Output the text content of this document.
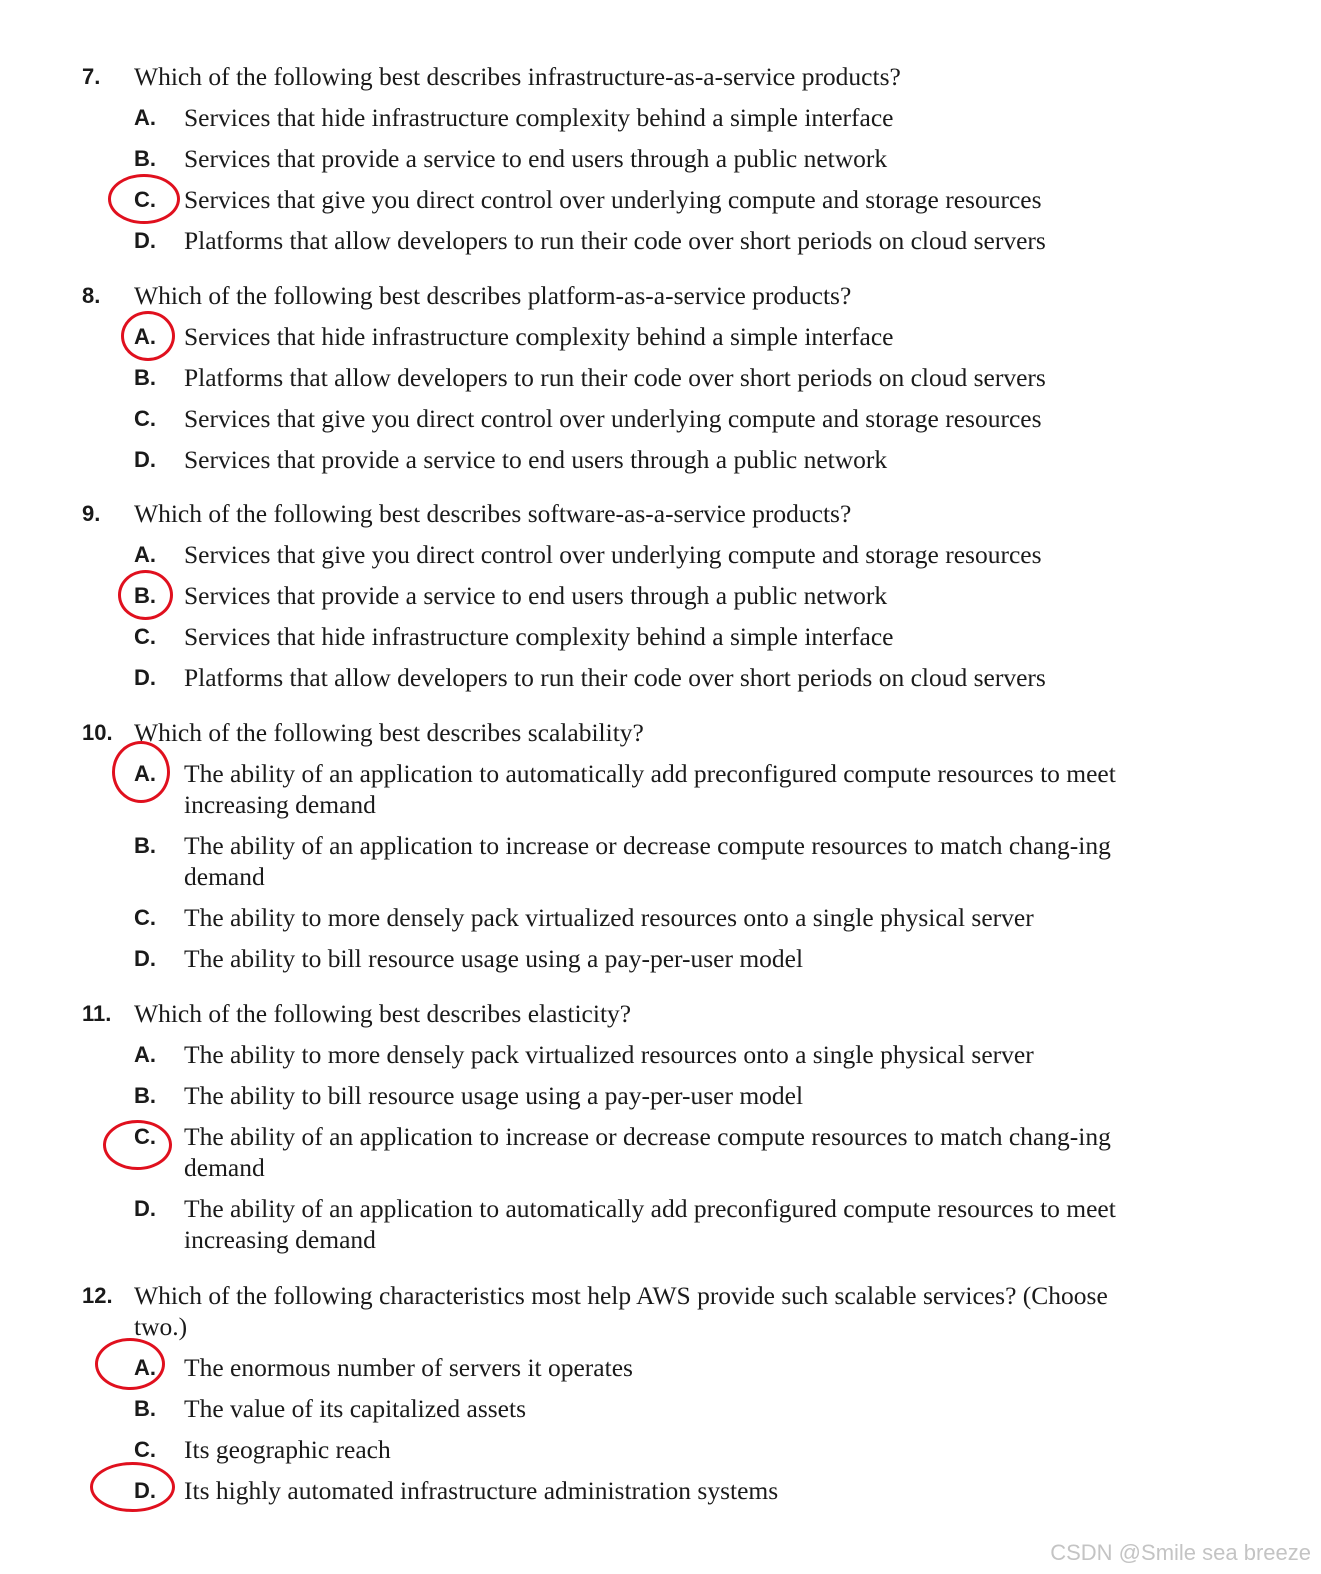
7. Which of the following best describes infrastructure-as-a-service products?
A. Services that hide infrastructure complexity behind a simple interface
B. Services that provide a service to end users through a public network
C. Services that give you direct control over underlying compute and storage resources
D. Platforms that allow developers to run their code over short periods on cloud servers
8. Which of the following best describes platform-as-a-service products?
A. Services that hide infrastructure complexity behind a simple interface
B. Platforms that allow developers to run their code over short periods on cloud servers
C. Services that give you direct control over underlying compute and storage resources
D. Services that provide a service to end users through a public network
9. Which of the following best describes software-as-a-service products?
A. Services that give you direct control over underlying compute and storage resources
B. Services that provide a service to end users through a public network
C. Services that hide infrastructure complexity behind a simple interface
D. Platforms that allow developers to run their code over short periods on cloud servers
10. Which of the following best describes scalability?
A. The ability of an application to automatically add preconfigured compute resources to meet increasing demand
B. The ability of an application to increase or decrease compute resources to match chang-ing demand
C. The ability to more densely pack virtualized resources onto a single physical server
D. The ability to bill resource usage using a pay-per-user model
11. Which of the following best describes elasticity?
A. The ability to more densely pack virtualized resources onto a single physical server
B. The ability to bill resource usage using a pay-per-user model
C. The ability of an application to increase or decrease compute resources to match chang-ing demand
D. The ability of an application to automatically add preconfigured compute resources to meet increasing demand
12. Which of the following characteristics most help AWS provide such scalable services? (Choose two.)
A. The enormous number of servers it operates
B. The value of its capitalized assets
C. Its geographic reach
D. Its highly automated infrastructure administration systems
CSDN @Smile sea breeze
